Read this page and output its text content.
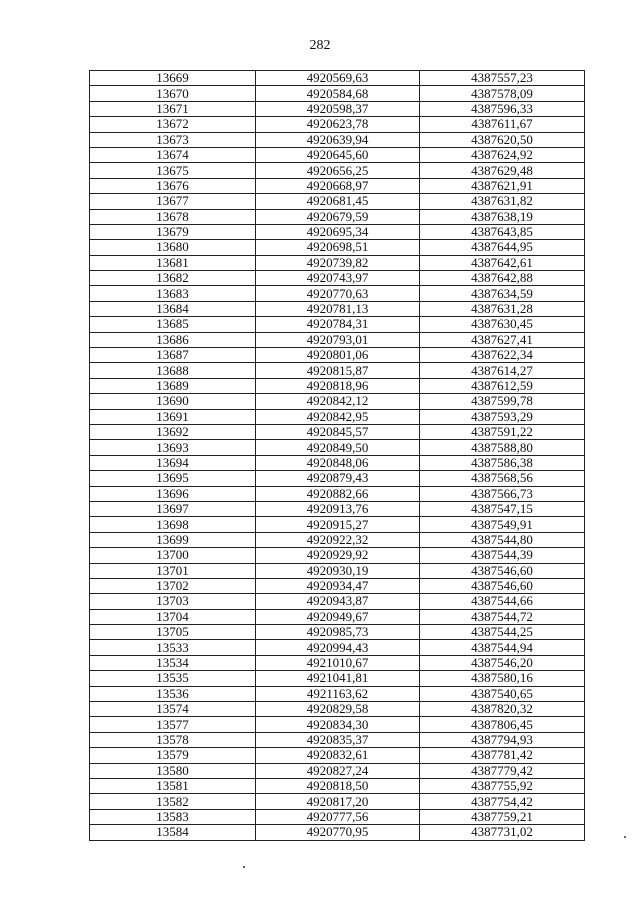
282
13669	4920569,63	4387557,23
13670	4920584,68	4387578,09
13671	4920598,37	4387596,33
13672	4920623,78	4387611,67
13673	4920639,94	4387620,50
13674	4920645,60	4387624,92
13675	4920656,25	4387629,48
13676	4920668,97	4387621,91
13677	4920681,45	4387631,82
13678	4920679,59	4387638,19
13679	4920695,34	4387643,85
13680	4920698,51	4387644,95
13681	4920739,82	4387642,61
13682	4920743,97	4387642,88
13683	4920770,63	4387634,59
13684	4920781,13	4387631,28
13685	4920784,31	4387630,45
13686	4920793,01	4387627,41
13687	4920801,06	4387622,34
13688	4920815,87	4387614,27
13689	4920818,96	4387612,59
13690	4920842,12	4387599,78
13691	4920842,95	4387593,29
13692	4920845,57	4387591,22
13693	4920849,50	4387588,80
13694	4920848,06	4387586,38
13695	4920879,43	4387568,56
13696	4920882,66	4387566,73
13697	4920913,76	4387547,15
13698	4920915,27	4387549,91
13699	4920922,32	4387544,80
13700	4920929,92	4387544,39
13701	4920930,19	4387546,60
13702	4920934,47	4387546,60
13703	4920943,87	4387544,66
13704	4920949,67	4387544,72
13705	4920985,73	4387544,25
13533	4920994,43	4387544,94
13534	4921010,67	4387546,20
13535	4921041,81	4387580,16
13536	4921163,62	4387540,65
13574	4920829,58	4387820,32
13577	4920834,30	4387806,45
13578	4920835,37	4387794,93
13579	4920832,61	4387781,42
13580	4920827,24	4387779,42
13581	4920818,50	4387755,92
13582	4920817,20	4387754,42
13583	4920777,56	4387759,21
13584	4920770,95	4387731,02
